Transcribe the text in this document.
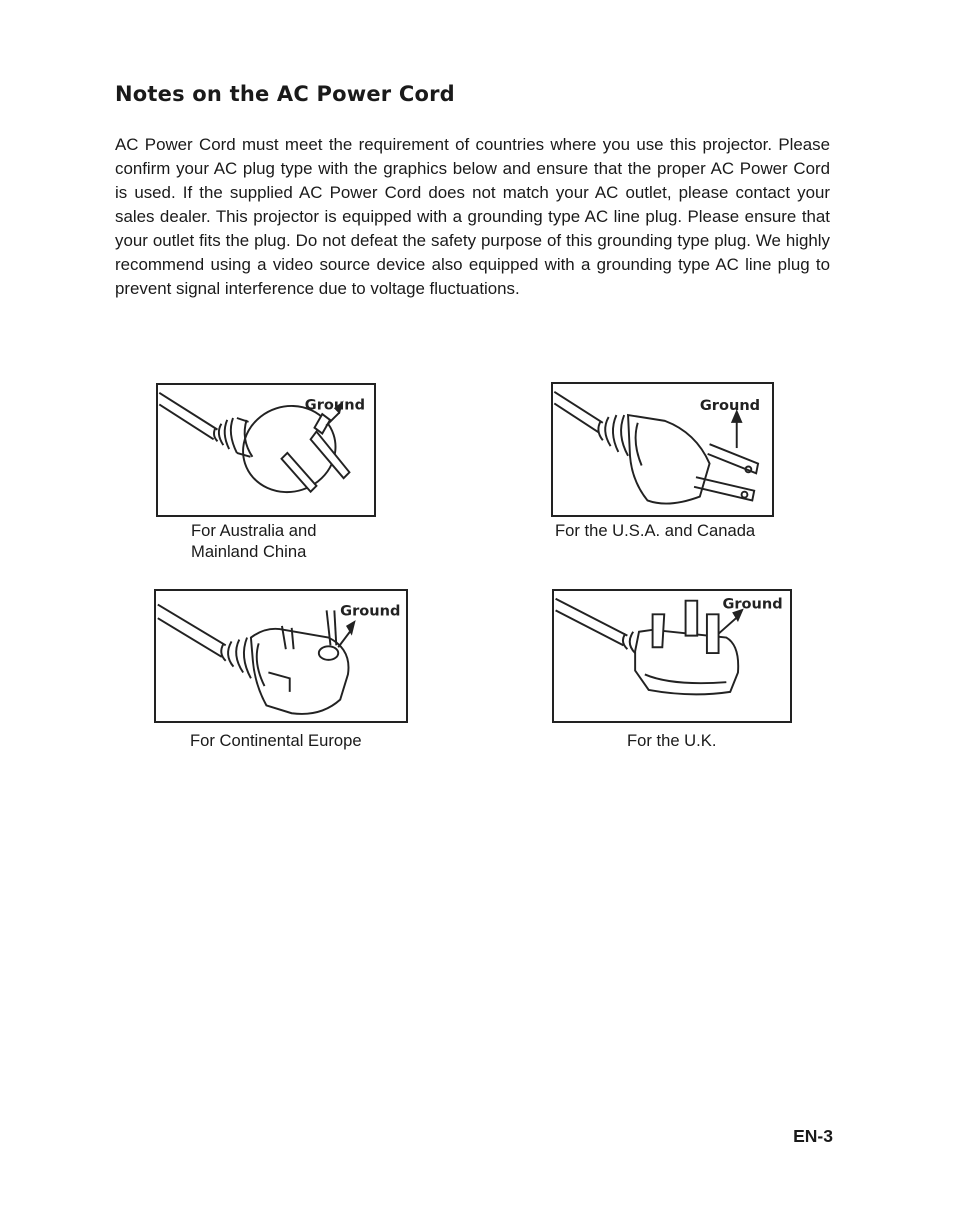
Notes on the AC Power Cord

AC Power Cord must meet the requirement of countries where you use this projector. Please confirm your AC plug type with the graphics below and ensure that the proper AC Power Cord is used. If the supplied AC Power Cord does not match your AC outlet, please contact your sales dealer. This projector is equipped with a grounding type AC line plug. Please ensure that your outlet fits the plug. Do not defeat the safety purpose of this grounding type plug. We highly recommend using a video source device also equipped with a grounding type AC line plug to prevent signal interference due to voltage fluctuations.

Ground

For Australia and
Mainland China

Ground

For the U.S.A. and Canada

Ground

For Continental Europe

Ground

For the U.K.

EN-3
